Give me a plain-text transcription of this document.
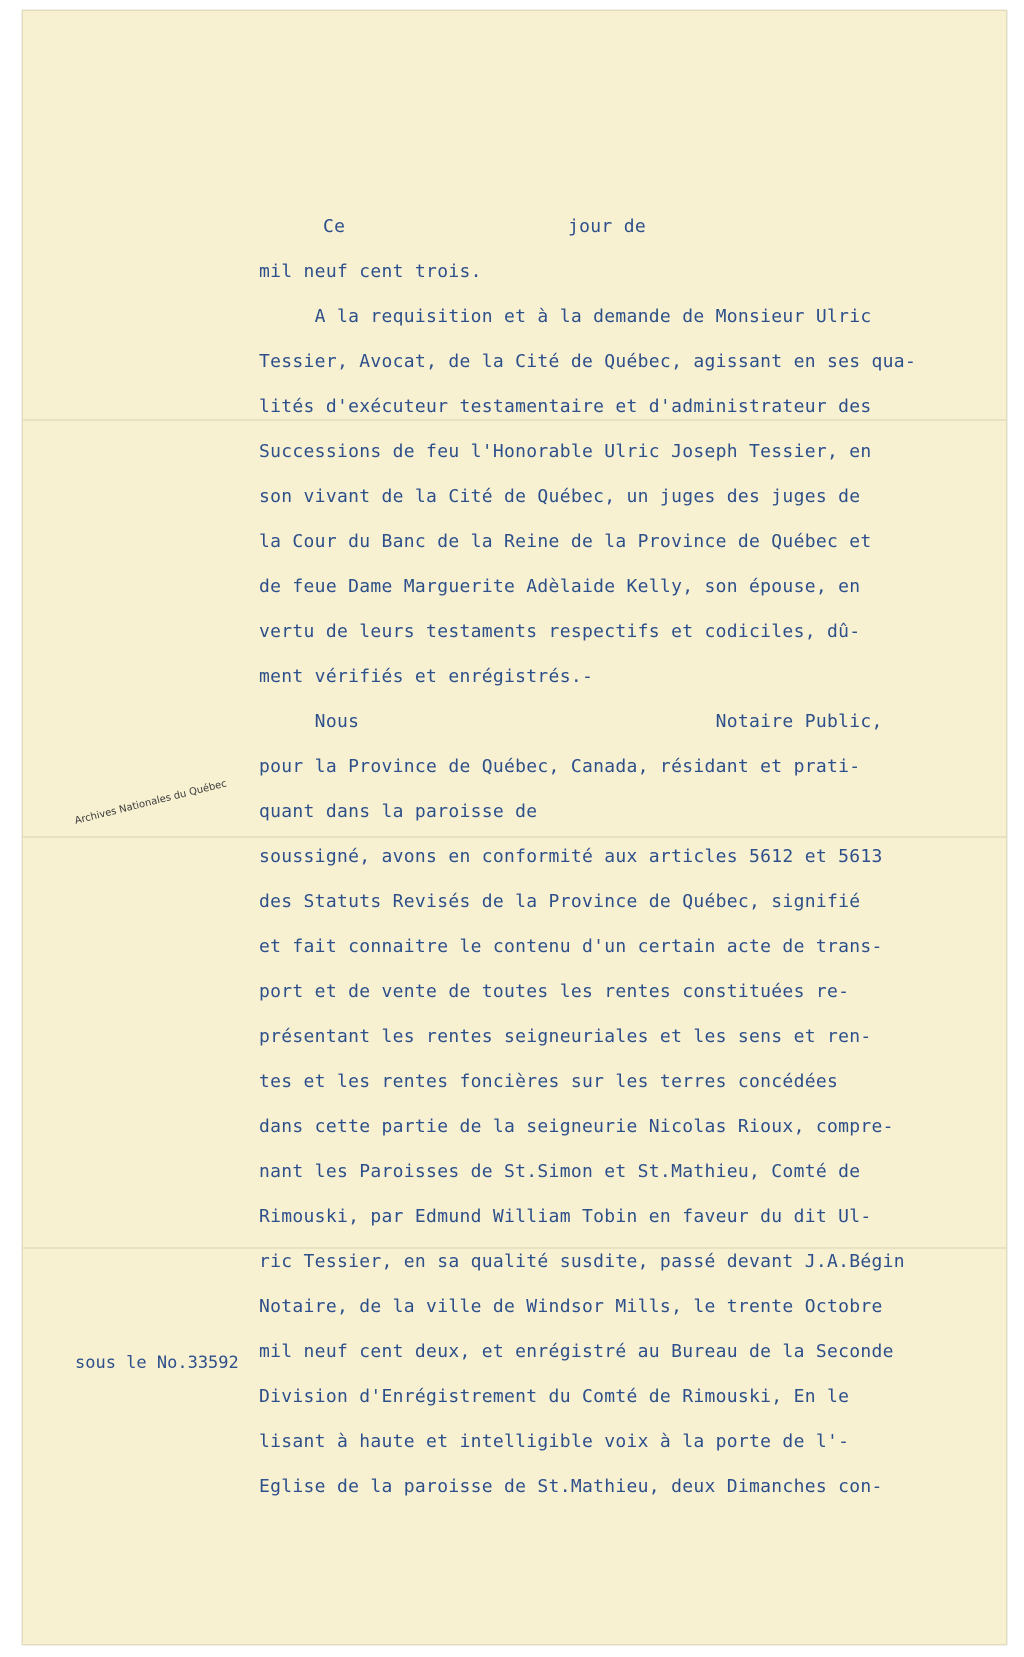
Ce                    jour de
mil neuf cent trois.
A la requisition et à la demande de Monsieur Ulric
Tessier, Avocat, de la Cité de Québec, agissant en ses qua-
lités d'exécuteur testamentaire et d'administrateur des
Successions de feu l'Honorable Ulric Joseph Tessier, en
son vivant de la Cité de Québec, un juges des juges de
la Cour du Banc de la Reine de la Province de Québec et
de feue Dame Marguerite Adèlaide Kelly, son épouse, en
vertu de leurs testaments respectifs et codiciles, dû-
ment vérifiés et enrégistrés.-
Nous                                Notaire Public,
pour la Province de Québec, Canada, résidant et prati-
quant dans la paroisse de
soussigné, avons en conformité aux articles 5612 et 5613
des Statuts Revisés de la Province de Québec, signifié
et fait connaitre le contenu d'un certain acte de trans-
port et de vente de toutes les rentes constituées re-
présentant les rentes seigneuriales et les sens et ren-
tes et les rentes foncières sur les terres concédées
dans cette partie de la seigneurie Nicolas Rioux, compre-
nant les Paroisses de St.Simon et St.Mathieu, Comté de
Rimouski, par Edmund William Tobin en faveur du dit Ul-
ric Tessier, en sa qualité susdite, passé devant J.A.Bégin
Notaire, de la ville de Windsor Mills, le trente Octobre
mil neuf cent deux, et enrégistré au Bureau de la Seconde
Division d'Enrégistrement du Comté de Rimouski, En le
lisant à haute et intelligible voix à la porte de l'-
Eglise de la paroisse de St.Mathieu, deux Dimanches con-
sous le No.33592
Archives Nationales du Québec
